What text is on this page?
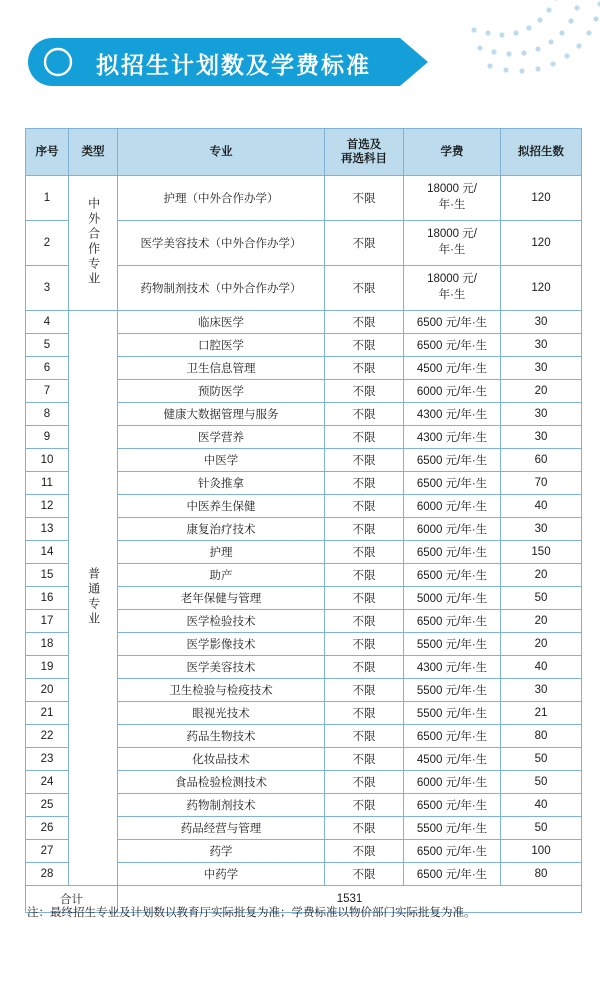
拟招生计划数及学费标准
序号	类型	专业	首选及
再选科目	学费	拟招生数
1	中外合作专业	护理（中外合作办学）	不限	18000 元/
年·生	120
2		医学美容技术（中外合作办学）	不限	18000 元/
年·生	120
3		药物制剂技术（中外合作办学）	不限	18000 元/
年·生	120
4	普通专业	临床医学	不限	6500 元/年·生	30
5		口腔医学	不限	6500 元/年·生	30
6		卫生信息管理	不限	4500 元/年·生	30
7		预防医学	不限	6000 元/年·生	20
8		健康大数据管理与服务	不限	4300 元/年·生	30
9		医学营养	不限	4300 元/年·生	30
10		中医学	不限	6500 元/年·生	60
11		针灸推拿	不限	6500 元/年·生	70
12		中医养生保健	不限	6000 元/年·生	40
13		康复治疗技术	不限	6000 元/年·生	30
14		护理	不限	6500 元/年·生	150
15		助产	不限	6500 元/年·生	20
16		老年保健与管理	不限	5000 元/年·生	50
17		医学检验技术	不限	6500 元/年·生	20
18		医学影像技术	不限	5500 元/年·生	20
19		医学美容技术	不限	4300 元/年·生	40
20		卫生检验与检疫技术	不限	5500 元/年·生	30
21		眼视光技术	不限	5500 元/年·生	21
22		药品生物技术	不限	6500 元/年·生	80
23		化妆品技术	不限	4500 元/年·生	50
24		食品检验检测技术	不限	6000 元/年·生	50
25		药物制剂技术	不限	6500 元/年·生	40
26		药品经营与管理	不限	5500 元/年·生	50
27		药学	不限	6500 元/年·生	100
28		中药学	不限	6500 元/年·生	80
合计		1531			
注：最终招生专业及计划数以教育厅实际批复为准；学费标准以物价部门实际批复为准。
